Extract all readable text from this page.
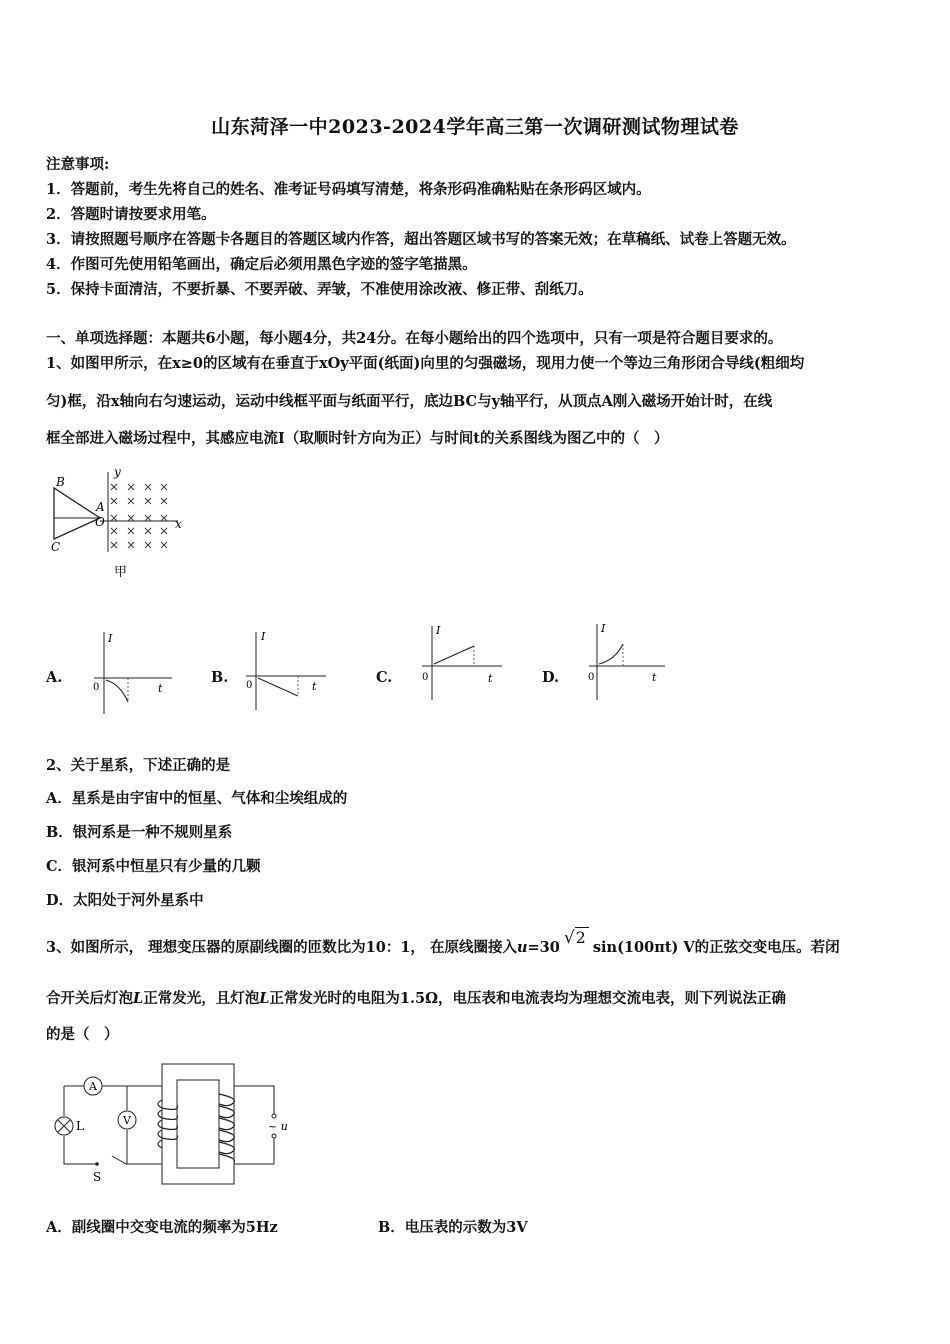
山东菏泽一中2023-2024学年高三第一次调研测试物理试卷
注意事项:
1．答题前，考生先将自己的姓名、准考证号码填写清楚，将条形码准确粘贴在条形码区域内。
2．答题时请按要求用笔。
3．请按照题号顺序在答题卡各题目的答题区域内作答，超出答题区域书写的答案无效；在草稿纸、试卷上答题无效。
4．作图可先使用铅笔画出，确定后必须用黑色字迹的签字笔描黑。
5．保持卡面清洁，不要折暴、不要弄破、弄皱，不准使用涂改液、修正带、刮纸刀。
一、单项选择题：本题共6小题，每小题4分，共24分。在每小题给出的四个选项中，只有一项是符合题目要求的。
1、如图甲所示，在x≥0的区域有在垂直于xOy平面(纸面)向里的匀强磁场，现用力使一个等边三角形闭合导线(粗细均
匀)框，沿x轴向右匀速运动，运动中线框平面与纸面平行，底边BC与y轴平行，从顶点A刚入磁场开始计时，在线
框全部进入磁场过程中，其感应电流I（取顺时针方向为正）与时间t的关系图线为图乙中的（　）
B
C
A
O	x
y
甲
A.
I
t
0
B.
I
t
0	C.
I
t
0	D.
I
t
0
2、关于星系，下述正确的是
A．星系是由宇宙中的恒星、气体和尘埃组成的
B．银河系是一种不规则星系
C．银河系中恒星只有少量的几颗
D．太阳处于河外星系中
3、如图所示， 理想变压器的原副线圈的匝数比为10：1， 在原线圈接入u=30 √2sin(100πt) V的正弦交变电压。若闭
合开关后灯泡L正常发光，且灯泡L正常发光时的电阻为1.5Ω，电压表和电流表均为理想交流电表，则下列说法正确
的是（　）
A
V
L
S
~ u
A．副线圈中交变电流的频率为5Hz	B．电压表的示数为3V
